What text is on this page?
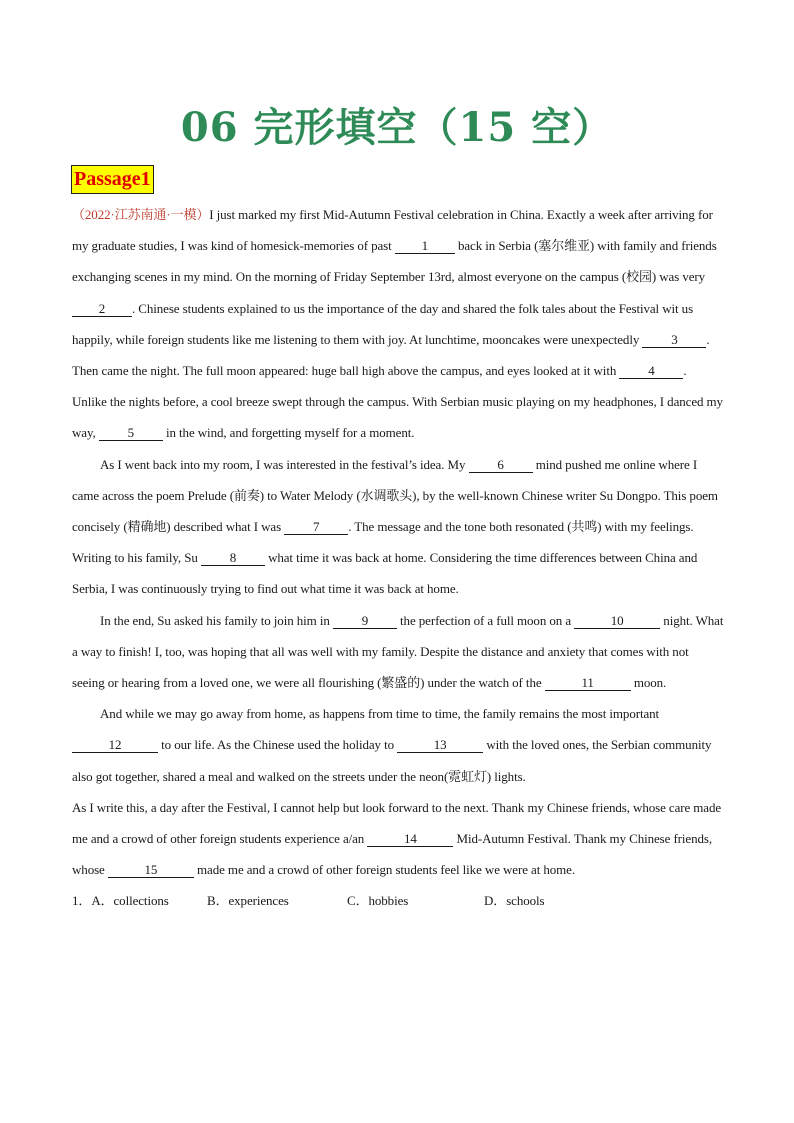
06 完形填空（15 空）
Passage1

（2022·江苏南通·一模）I just marked my first Mid-Autumn Festival celebration in China. Exactly a week after arriving for my graduate studies, I was kind of homesick-memories of past 1 back in Serbia (塞尔维亚) with family and friends exchanging scenes in my mind. On the morning of Friday September 13rd, almost everyone on the campus (校园) was very 2 . Chinese students explained to us the importance of the day and shared the folk tales about the Festival wit us happily, while foreign students like me listening to them with joy. At lunchtime, mooncakes were unexpectedly 3 . Then came the night. The full moon appeared: huge ball high above the campus, and eyes looked at it with 4 . Unlike the nights before, a cool breeze swept through the campus. With Serbian music playing on my headphones, I danced my way, 5 in the wind, and forgetting myself for a moment.

As I went back into my room, I was interested in the festival’s idea. My 6 mind pushed me online where I came across the poem Prelude (前奏) to Water Melody (水调歌头), by the well-known Chinese writer Su Dongpo. This poem concisely (精确地) described what I was 7 . The message and the tone both resonated (共鸣) with my feelings. Writing to his family, Su 8 what time it was back at home. Considering the time differences between China and Serbia, I was continuously trying to find out what time it was back at home.

In the end, Su asked his family to join him in 9 the perfection of a full moon on a	10	night. What a way to finish! I, too, was hoping that all was well with my family. Despite the distance and anxiety that comes with not seeing or hearing from a loved one, we were all flourishing (繁盛的) under the watch of the	11	moon.

And while we may go away from home, as happens from time to time, the family remains the most important 12	to our life. As the Chinese used the holiday to	13	with the loved ones, the Serbian community also got together, shared a meal and walked on the streets under the neon(霓虹灯) lights.

As I write this, a day after the Festival, I cannot help but look forward to the next. Thank my Chinese friends, whose care made me and a crowd of other foreign students experience a/an	14	Mid-Autumn Festival. Thank my Chinese friends, whose	15	made me and a crowd of other foreign students feel like we were at home.

1．A．collections	B．experiences	C．hobbies	D．schools
